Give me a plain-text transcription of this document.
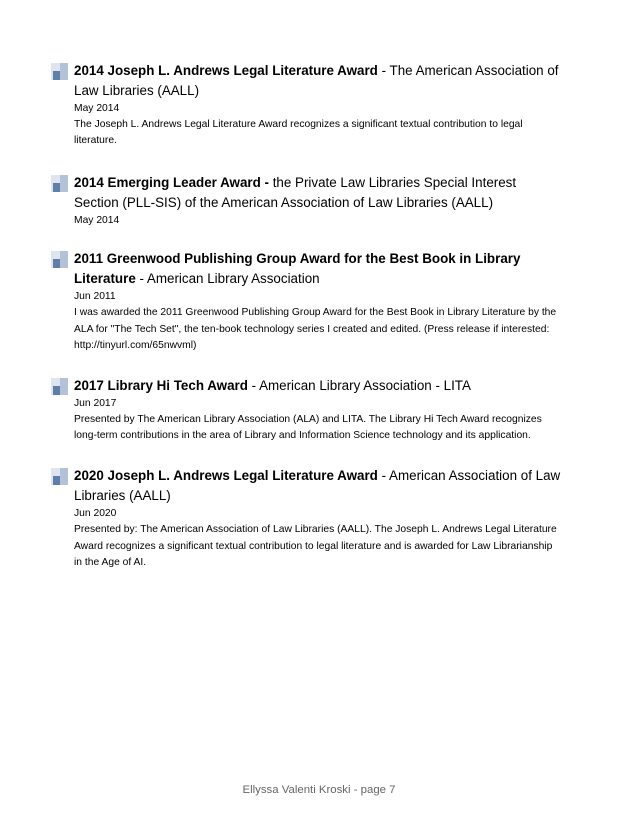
2014 Joseph L. Andrews Legal Literature Award - The American Association of Law Libraries (AALL)

May 2014

The Joseph L. Andrews Legal Literature Award recognizes a significant textual contribution to legal literature.

2014 Emerging Leader Award - the Private Law Libraries Special Interest Section (PLL-SIS) of the American Association of Law Libraries (AALL)

May 2014

2011 Greenwood Publishing Group Award for the Best Book in Library Literature - American Library Association

Jun 2011

I was awarded the 2011 Greenwood Publishing Group Award for the Best Book in Library Literature by the ALA for "The Tech Set", the ten-book technology series I created and edited. (Press release if interested: http://tinyurl.com/65nwvml)

2017 Library Hi Tech Award - American Library Association - LITA

Jun 2017

Presented by The American Library Association (ALA) and LITA. The Library Hi Tech Award recognizes long-term contributions in the area of Library and Information Science technology and its application.

2020 Joseph L. Andrews Legal Literature Award - American Association of Law Libraries (AALL)

Jun 2020

Presented by: The American Association of Law Libraries (AALL). The Joseph L. Andrews Legal Literature Award recognizes a significant textual contribution to legal literature and is awarded for Law Librarianship in the Age of AI.

Ellyssa Valenti Kroski - page 7
